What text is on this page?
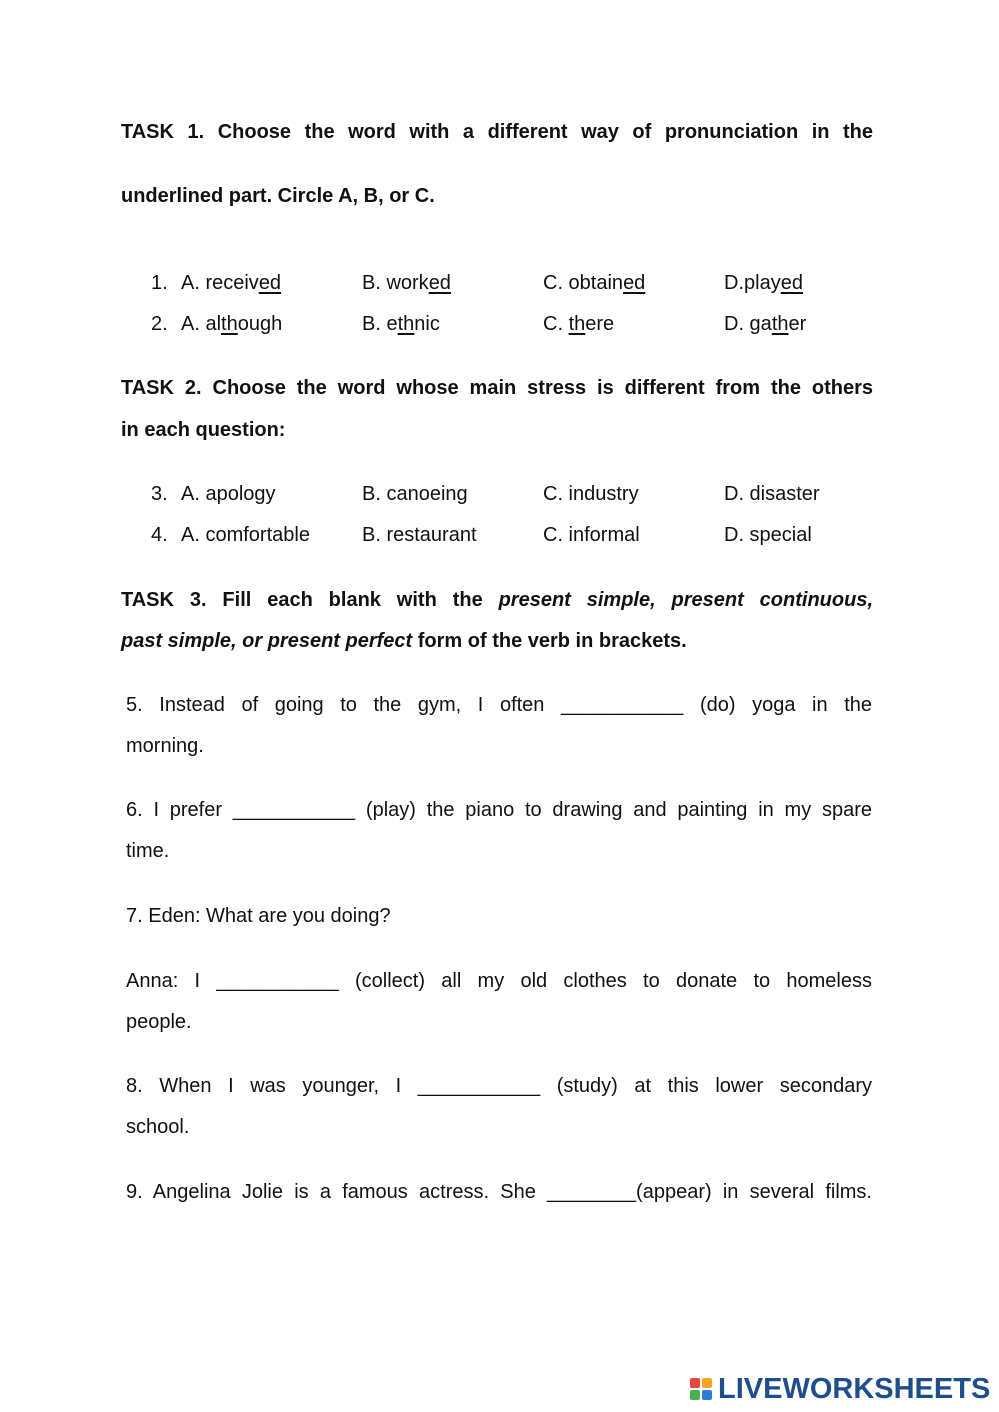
TASK 1. Choose the word with a different way of pronunciation in the
underlined part. Circle A, B, or C.
1. A. received	B. worked	C. obtained	D.played
2. A. although	B. ethnic	C. there	D. gather
TASK 2. Choose the word whose main stress is different from the others
in each question:
3. A. apology	B. canoeing	C. industry	D. disaster
4. A. comfortable	B. restaurant	C. informal	D. special
TASK 3. Fill each blank with the present simple, present continuous,
past simple, or present perfect form of the verb in brackets.
5. Instead of going to the gym, I often ___________ (do) yoga in the
morning.
6. I prefer ___________ (play) the piano to drawing and painting in my spare
time.
7. Eden: What are you doing?
Anna: I ___________ (collect) all my old clothes to donate to homeless
people.
8. When I was younger, I ___________ (study) at this lower secondary
school.
9. Angelina Jolie is a famous actress. She ________(appear) in several films.
LIVEWORKSHEETS
